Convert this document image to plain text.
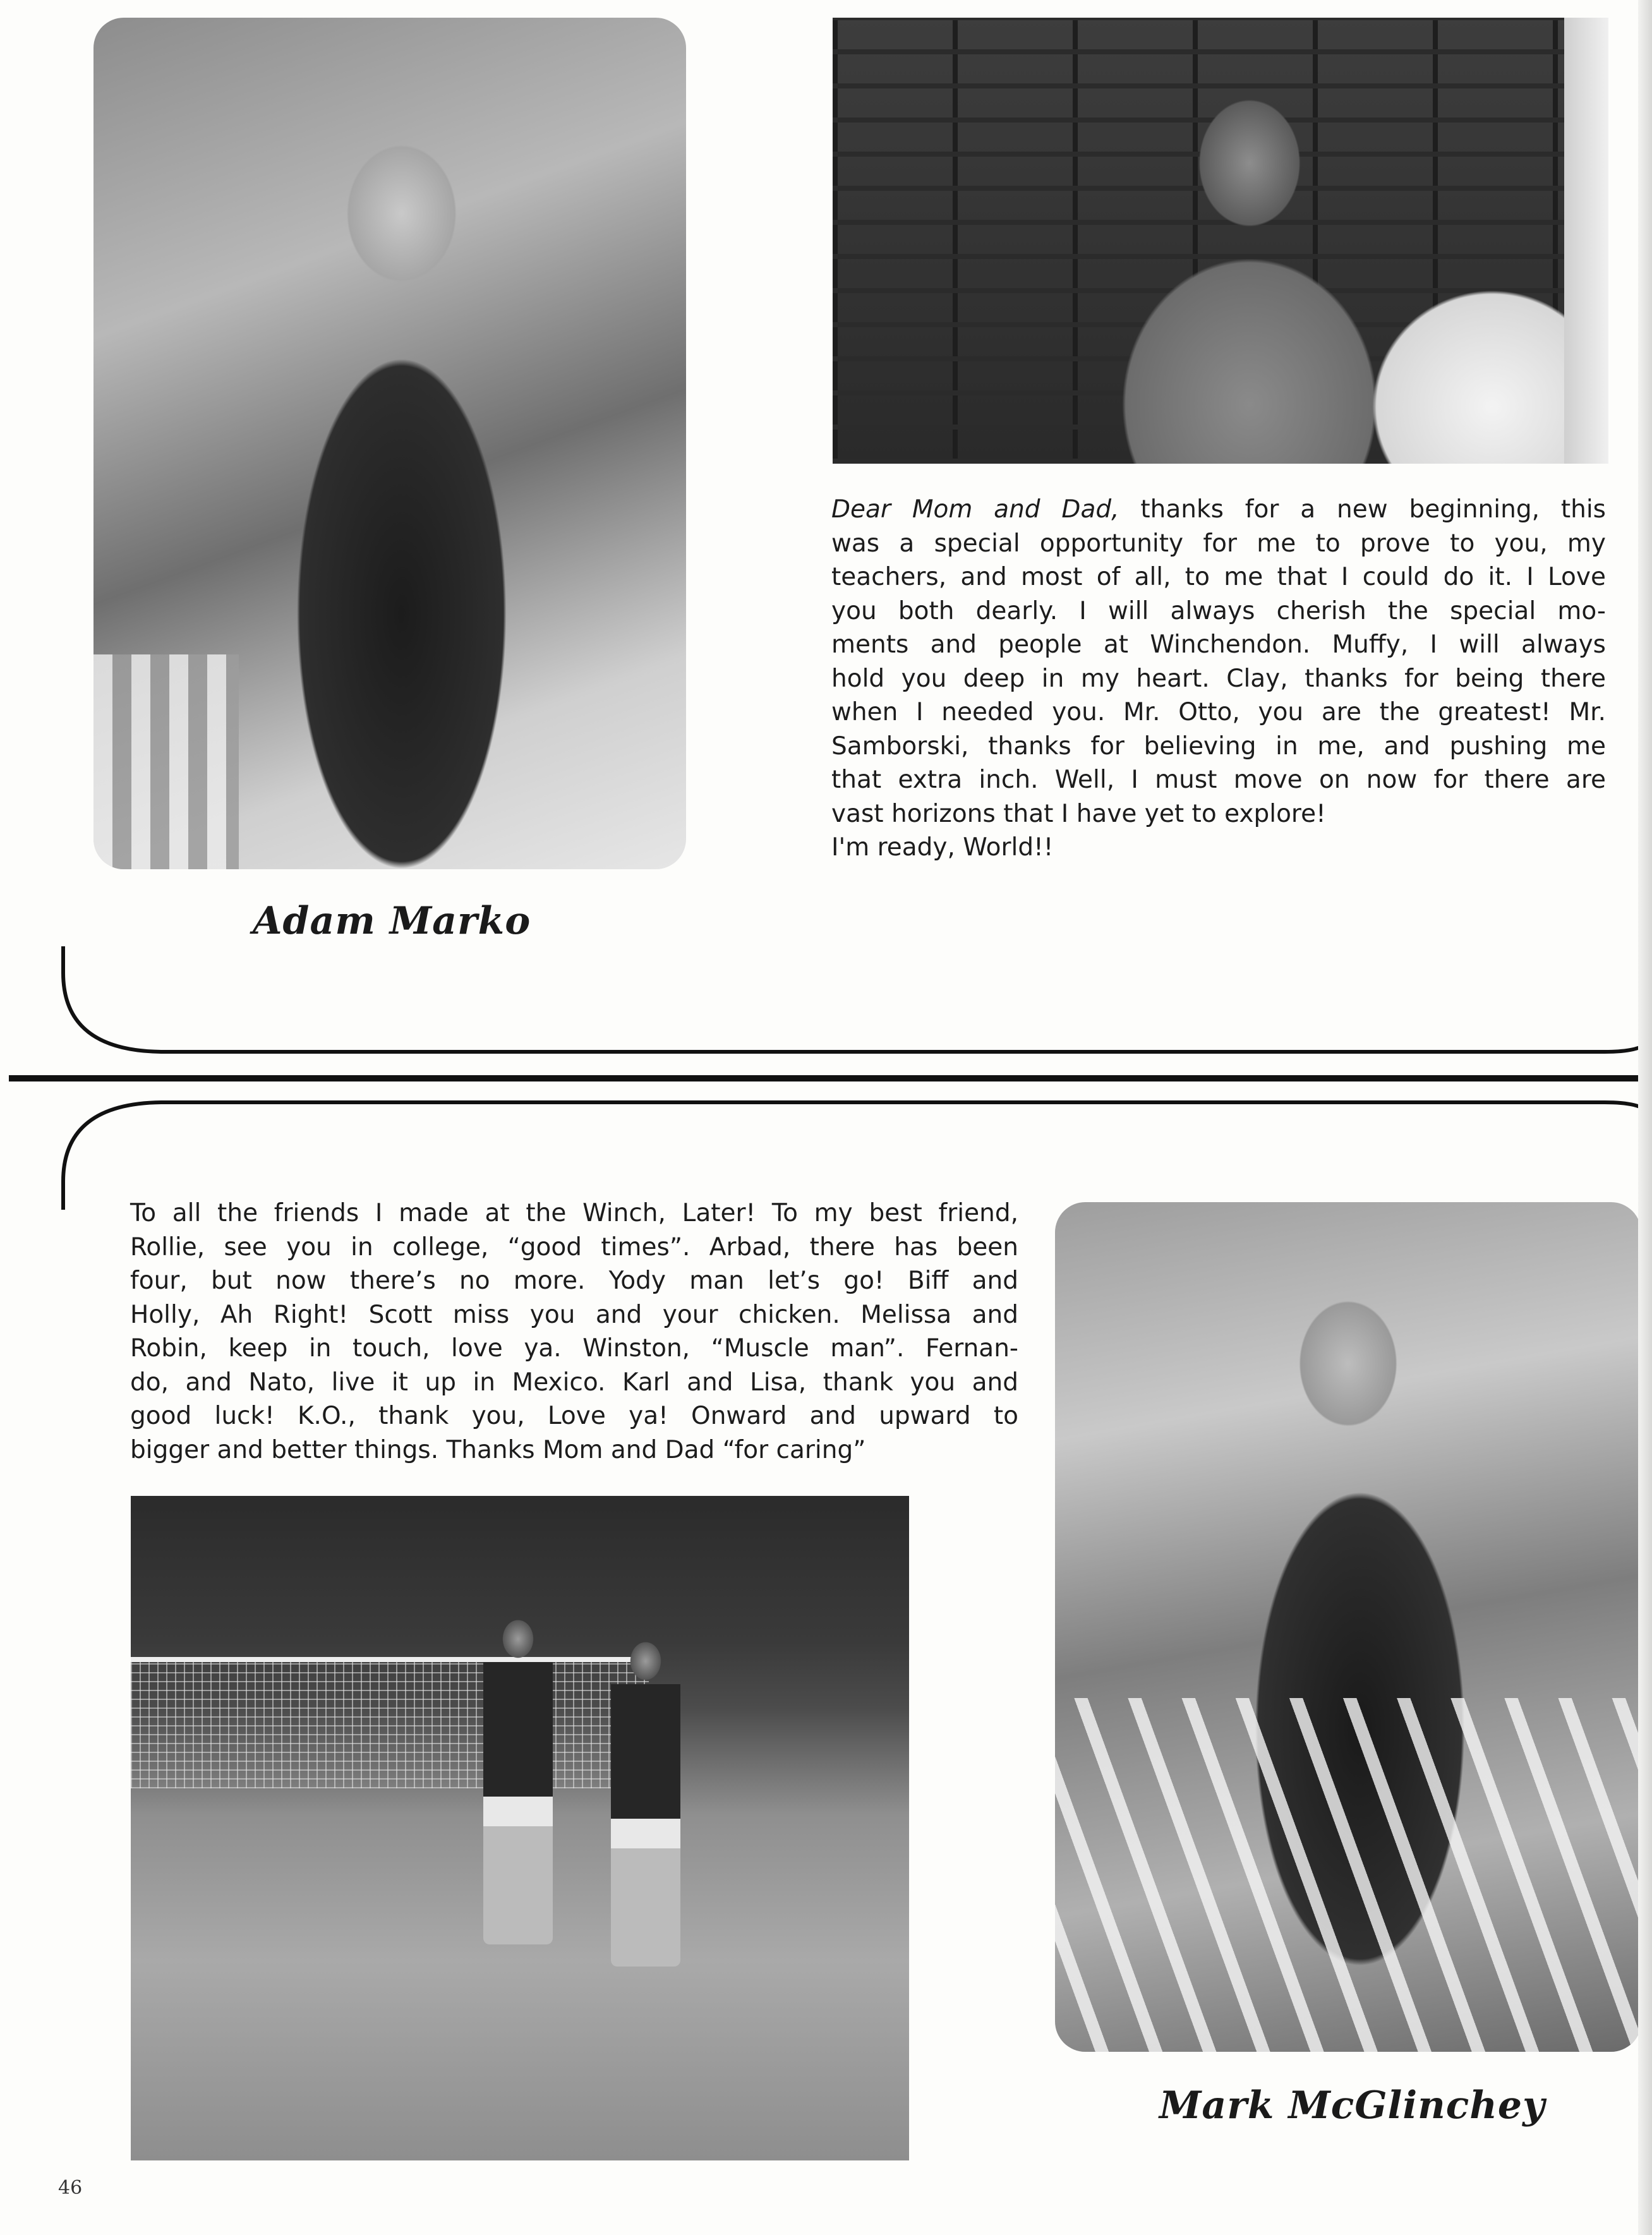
Dear Mom and Dad, thanks for a new beginning, this
was a special opportunity for me to prove to you, my
teachers, and most of all, to me that I could do it. I Love
you both dearly. I will always cherish the special mo-
ments and people at Winchendon. Muffy, I will always
hold you deep in my heart. Clay, thanks for being there
when I needed you. Mr. Otto, you are the greatest! Mr.
Samborski, thanks for believing in me, and pushing me
that extra inch. Well, I must move on now for there are
vast horizons that I have yet to explore!
I'm ready, World!!
Adam Marko
To all the friends I made at the Winch, Later! To my best friend,
Rollie, see you in college, “good times”. Arbad, there has been
four, but now there’s no more. Yody man let’s go! Biff and
Holly, Ah Right! Scott miss you and your chicken. Melissa and
Robin, keep in touch, love ya. Winston, “Muscle man”. Fernan-
do, and Nato, live it up in Mexico. Karl and Lisa, thank you and
good luck! K.O., thank you, Love ya! Onward and upward to
bigger and better things. Thanks Mom and Dad “for caring”
Mark McGlinchey
46
